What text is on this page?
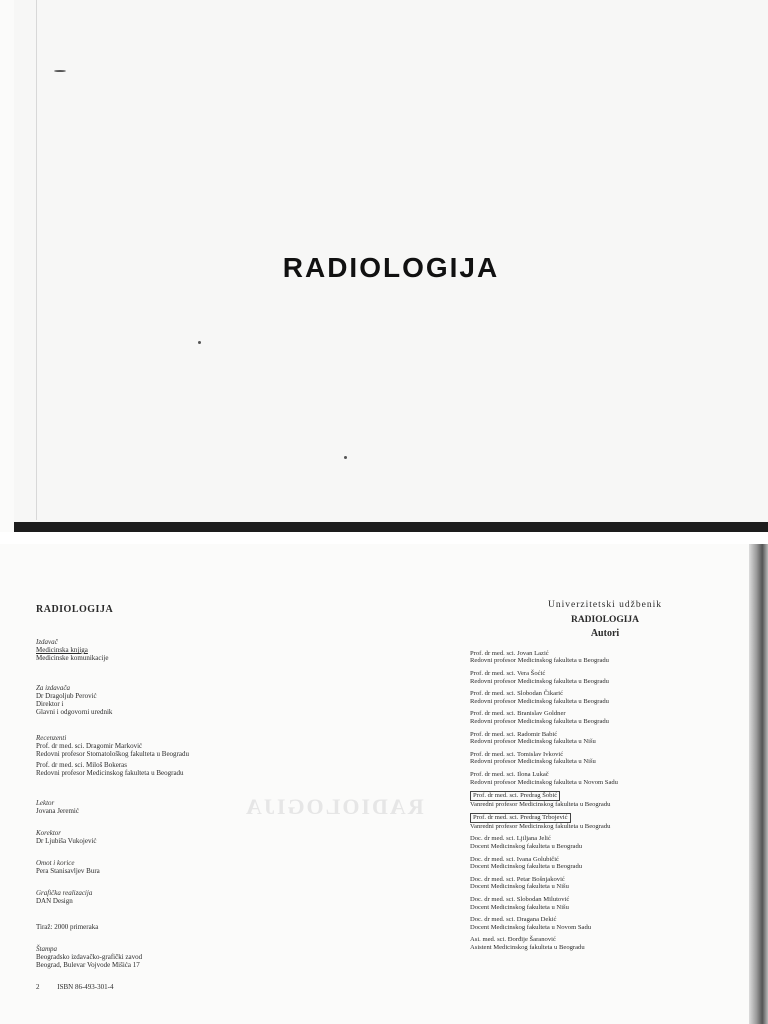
RADIOLOGIJA
RADIOLOGIJA
RADIOLOGIJA
Izdavač
Medicinska knjiga
Medicinske komunikacije
Za izdavača
Dr Dragoljub Perović
Direktor i
Glavni i odgovorni urednik
Recenzenti
Prof. dr med. sci. Dragomir Marković
Redovni profesor Stomatološkog fakulteta u Beogradu
Prof. dr med. sci. Miloš Bokeras
Redovni profesor Medicinskog fakulteta u Beogradu
Lektor
Jovana Jeremić
Korektor
Dr Ljubiša Vukojević
Omot i korice
Pera Stanisavljev Bura
Grafička realizacija
DAN Design
Tiraž: 2000 primeraka
Štampa
Beogradsko izdavačko-grafički zavod
Beograd, Bulevar Vojvode Mišića 17
2	ISBN 86-493-301-4
Univerzitetski udžbenik
RADIOLOGIJA
Autori
Prof. dr med. sci. Jovan Lazić
Redovni profesor Medicinskog fakulteta u Beogradu
Prof. dr med. sci. Vera Šoćić
Redovni profesor Medicinskog fakulteta u Beogradu
Prof. dr med. sci. Slobodan Čikarić
Redovni profesor Medicinskog fakulteta u Beogradu
Prof. dr med. sci. Branislav Goldner
Redovni profesor Medicinskog fakulteta u Beogradu
Prof. dr med. sci. Radomir Babić
Redovni profesor Medicinskog fakulteta u Nišu
Prof. dr med. sci. Tomislav Ivković
Redovni profesor Medicinskog fakulteta u Nišu
Prof. dr med. sci. Ilona Lukač
Redovni profesor Medicinskog fakulteta u Novom Sadu
Prof. dr med. sci. Predrag Šobić
Vanredni profesor Medicinskog fakulteta u Beogradu
Prof. dr med. sci. Predrag Trbojević
Vanredni profesor Medicinskog fakulteta u Beogradu
Doc. dr med. sci. Ljiljana Jelić
Docent Medicinskog fakulteta u Beogradu
Doc. dr med. sci. Ivana Golubičić
Docent Medicinskog fakulteta u Beogradu
Doc. dr med. sci. Petar Bošnjaković
Docent Medicinskog fakulteta u Nišu
Doc. dr med. sci. Slobodan Milutović
Docent Medicinskog fakulteta u Nišu
Doc. dr med. sci. Dragana Dekić
Docent Medicinskog fakulteta u Novom Sadu
Asi. med. sci. Đorđije Šaranović
Asistent Medicinskog fakulteta u Beogradu
